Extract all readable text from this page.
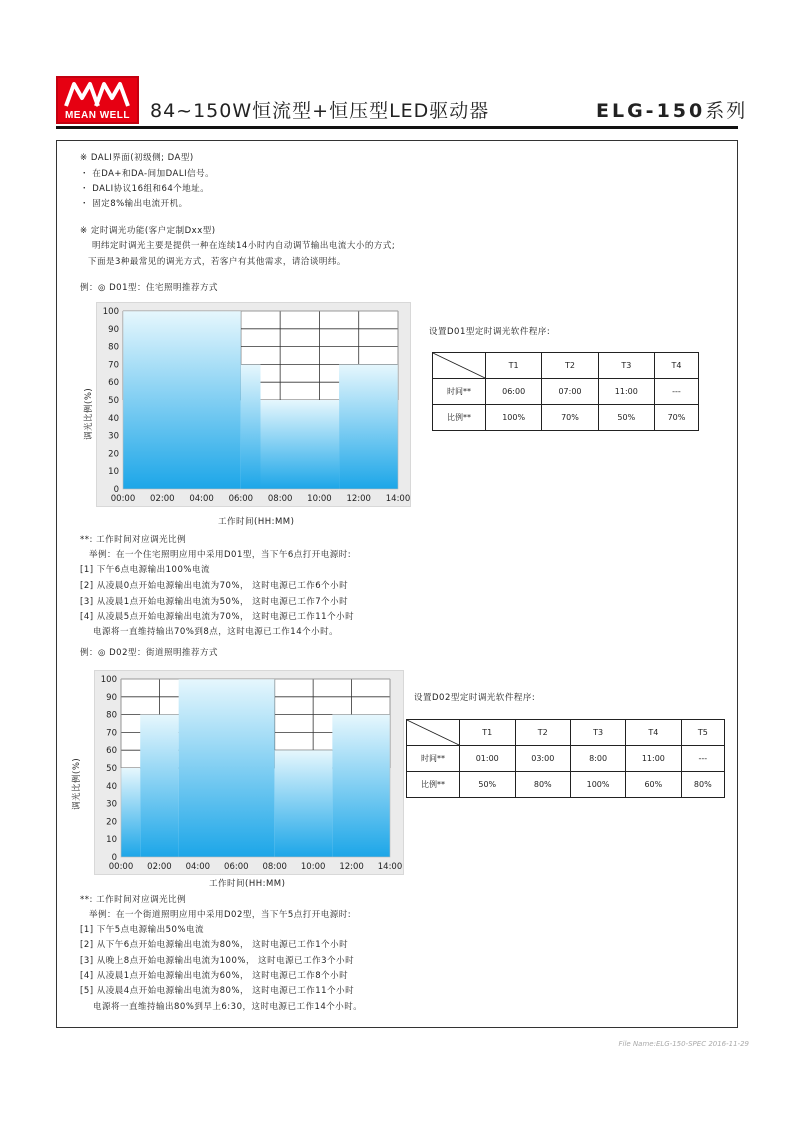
MEAN WELL	84~150W恒流型+恒压型LED驱动器	ELG-150系列
※ DALI界面(初级侧; DA型)
・ 在DA+和DA-间加DALI信号。
・ DALI协议16组和64个地址。
・ 固定8%输出电流开机。
※ 定时调光功能(客户定制Dxx型)
明纬定时调光主要是提供一种在连续14小时内自动调节输出电流大小的方式;
下面是3种最常见的调光方式，若客户有其他需求，请洽谈明纬。
例：◎ D01型：住宅照明推荐方式
0
10
20
30
40
50
60
70
80
90
100
00:00 02:00 04:00 06:00 08:00 10:00 12:00 14:00
调光比例(%)
工作时间(HH:MM)
设置D01型定时调光软件程序:
	T1	T2	T3	T4
时间**	06:00	07:00	11:00	---
比例**	100%	70%	50%	70%
**: 工作时间对应调光比例
举例：在一个住宅照明应用中采用D01型，当下午6点打开电源时:
[1] 下午6点电源输出100%电流
[2] 从凌晨0点开始电源输出电流为70%， 这时电源已工作6个小时
[3] 从凌晨1点开始电源输出电流为50%， 这时电源已工作7个小时
[4] 从凌晨5点开始电源输出电流为70%， 这时电源已工作11个小时
电源将一直维持输出70%到8点，这时电源已工作14个小时。
例：◎ D02型：街道照明推荐方式
0
10
20
30
40
50
60
70
80
90
100
00:00 02:00 04:00 06:00 08:00 10:00 12:00 14:00
调光比例(%)
工作时间(HH:MM)
设置D02型定时调光软件程序:
	T1	T2	T3	T4	T5
时间**	01:00	03:00	8:00	11:00	---
比例**	50%	80%	100%	60%	80%
**: 工作时间对应调光比例
举例：在一个街道照明应用中采用D02型，当下午5点打开电源时:
[1] 下午5点电源输出50%电流
[2] 从下午6点开始电源输出电流为80%， 这时电源已工作1个小时
[3] 从晚上8点开始电源输出电流为100%， 这时电源已工作3个小时
[4] 从凌晨1点开始电源输出电流为60%， 这时电源已工作8个小时
[5] 从凌晨4点开始电源输出电流为80%， 这时电源已工作11个小时
电源将一直维持输出80%到早上6:30，这时电源已工作14个小时。
File Name:ELG-150-SPEC 2016-11-29
